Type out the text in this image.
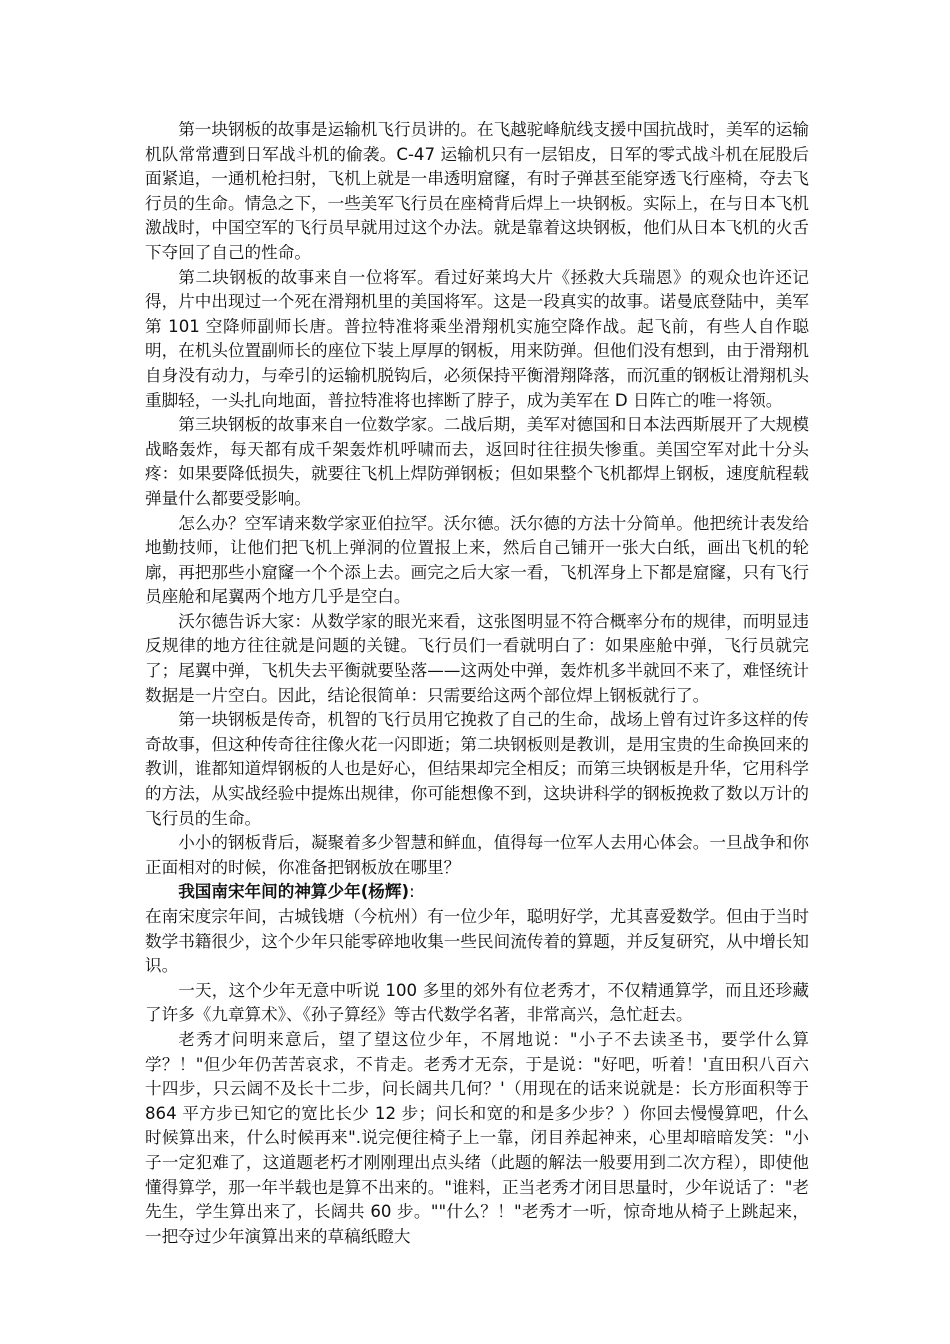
第一块钢板的故事是运输机飞行员讲的。在飞越驼峰航线支援中国抗战时，美军的运输机队常常遭到日军战斗机的偷袭。C-47 运输机只有一层铝皮，日军的零式战斗机在屁股后面紧追，一通机枪扫射，飞机上就是一串透明窟窿，有时子弹甚至能穿透飞行座椅，夺去飞行员的生命。情急之下，一些美军飞行员在座椅背后焊上一块钢板。实际上，在与日本飞机激战时，中国空军的飞行员早就用过这个办法。就是靠着这块钢板，他们从日本飞机的火舌下夺回了自己的性命。

第二块钢板的故事来自一位将军。看过好莱坞大片《拯救大兵瑞恩》的观众也许还记得，片中出现过一个死在滑翔机里的美国将军。这是一段真实的故事。诺曼底登陆中，美军第 101 空降师副师长唐。普拉特准将乘坐滑翔机实施空降作战。起飞前，有些人自作聪明，在机头位置副师长的座位下装上厚厚的钢板，用来防弹。但他们没有想到，由于滑翔机自身没有动力，与牵引的运输机脱钩后，必须保持平衡滑翔降落，而沉重的钢板让滑翔机头重脚轻，一头扎向地面，普拉特准将也摔断了脖子，成为美军在 D 日阵亡的唯一将领。

第三块钢板的故事来自一位数学家。二战后期，美军对德国和日本法西斯展开了大规模战略轰炸，每天都有成千架轰炸机呼啸而去，返回时往往损失惨重。美国空军对此十分头疼：如果要降低损失，就要往飞机上焊防弹钢板；但如果整个飞机都焊上钢板，速度航程载弹量什么都要受影响。

怎么办？空军请来数学家亚伯拉罕。沃尔德。沃尔德的方法十分简单。他把统计表发给地勤技师，让他们把飞机上弹洞的位置报上来，然后自己铺开一张大白纸，画出飞机的轮廓，再把那些小窟窿一个个添上去。画完之后大家一看，飞机浑身上下都是窟窿，只有飞行员座舱和尾翼两个地方几乎是空白。

沃尔德告诉大家：从数学家的眼光来看，这张图明显不符合概率分布的规律，而明显违反规律的地方往往就是问题的关键。飞行员们一看就明白了：如果座舱中弹，飞行员就完了；尾翼中弹，飞机失去平衡就要坠落——这两处中弹，轰炸机多半就回不来了，难怪统计数据是一片空白。因此，结论很简单：只需要给这两个部位焊上钢板就行了。

第一块钢板是传奇，机智的飞行员用它挽救了自己的生命，战场上曾有过许多这样的传奇故事，但这种传奇往往像火花一闪即逝；第二块钢板则是教训，是用宝贵的生命换回来的教训，谁都知道焊钢板的人也是好心，但结果却完全相反；而第三块钢板是升华，它用科学的方法，从实战经验中提炼出规律，你可能想像不到，这块讲科学的钢板挽救了数以万计的飞行员的生命。

小小的钢板背后，凝聚着多少智慧和鲜血，值得每一位军人去用心体会。一旦战争和你正面相对的时候，你准备把钢板放在哪里？

我国南宋年间的神算少年(杨辉):

在南宋度宗年间，古城钱塘（今杭州）有一位少年，聪明好学，尤其喜爱数学。但由于当时数学书籍很少，这个少年只能零碎地收集一些民间流传着的算题，并反复研究，从中增长知识。

一天，这个少年无意中听说 100 多里的郊外有位老秀才，不仅精通算学，而且还珍藏了许多《九章算术》、《孙子算经》等古代数学名著，非常高兴，急忙赶去。

老秀才问明来意后，望了望这位少年，不屑地说："小子不去读圣书，要学什么算学？！"但少年仍苦苦哀求，不肯走。老秀才无奈，于是说："好吧，听着！'直田积八百六十四步，只云阔不及长十二步，问长阔共几何？'（用现在的话来说就是：长方形面积等于 864 平方步已知它的宽比长少 12 步；问长和宽的和是多少步？）你回去慢慢算吧，什么时候算出来，什么时候再来".说完便往椅子上一靠，闭目养起神来，心里却暗暗发笑："小子一定犯难了，这道题老朽才刚刚理出点头绪（此题的解法一般要用到二次方程），即使他懂得算学，那一年半载也是算不出来的。"谁料，正当老秀才闭目思量时，少年说话了："老先生，学生算出来了，长阔共 60 步。""什么？！"老秀才一听，惊奇地从椅子上跳起来，一把夺过少年演算出来的草稿纸瞪大
